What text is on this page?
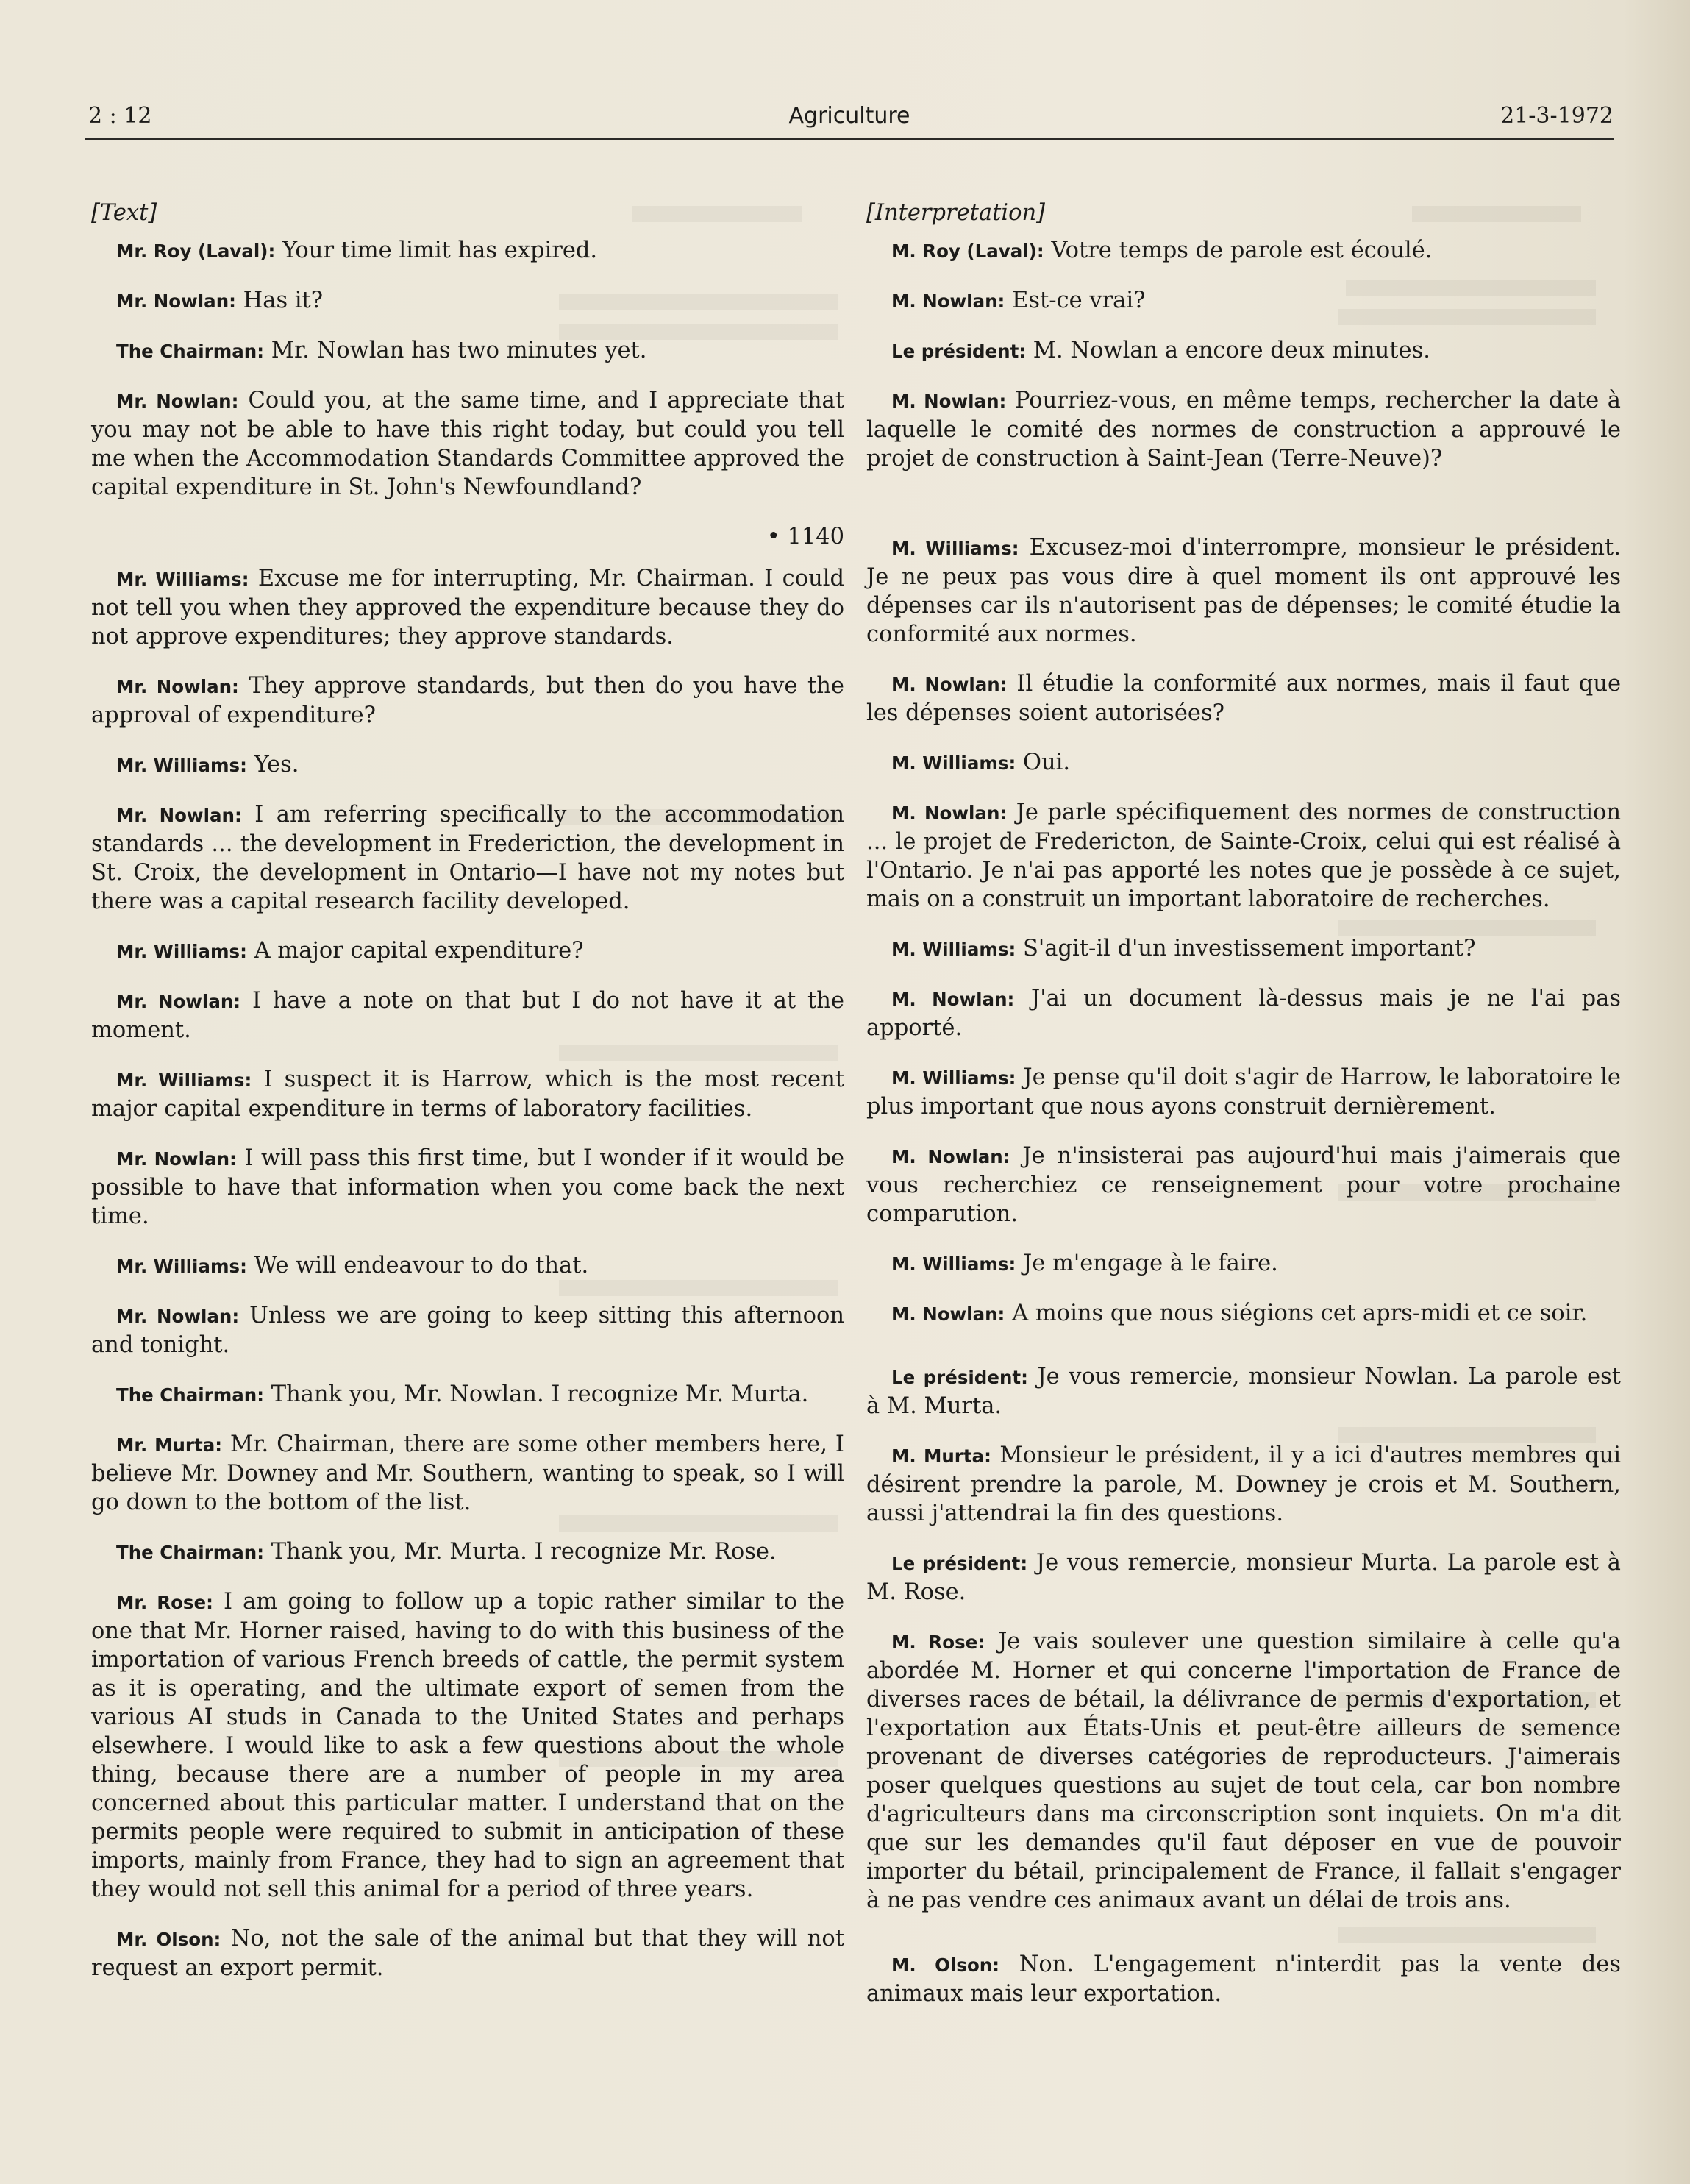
2 : 12	Agriculture	21-3-1972
[Text]

Mr. Roy (Laval): Your time limit has expired.

Mr. Nowlan: Has it?

The Chairman: Mr. Nowlan has two minutes yet.

Mr. Nowlan: Could you, at the same time, and I appreciate that you may not be able to have this right today, but could you tell me when the Accommodation Standards Committee approved the capital expenditure in St. John's Newfoundland?

• 1140

Mr. Williams: Excuse me for interrupting, Mr. Chairman. I could not tell you when they approved the expenditure because they do not approve expenditures; they approve standards.

Mr. Nowlan: They approve standards, but then do you have the approval of expenditure?

Mr. Williams: Yes.

Mr. Nowlan: I am referring specifically to the accommodation standards ... the development in Frederiction, the development in St. Croix, the development in Ontario—I have not my notes but there was a capital research facility developed.

Mr. Williams: A major capital expenditure?

Mr. Nowlan: I have a note on that but I do not have it at the moment.

Mr. Williams: I suspect it is Harrow, which is the most recent major capital expenditure in terms of laboratory facilities.

Mr. Nowlan: I will pass this first time, but I wonder if it would be possible to have that information when you come back the next time.

Mr. Williams: We will endeavour to do that.

Mr. Nowlan: Unless we are going to keep sitting this afternoon and tonight.

The Chairman: Thank you, Mr. Nowlan. I recognize Mr. Murta.

Mr. Murta: Mr. Chairman, there are some other members here, I believe Mr. Downey and Mr. Southern, wanting to speak, so I will go down to the bottom of the list.

The Chairman: Thank you, Mr. Murta. I recognize Mr. Rose.

Mr. Rose: I am going to follow up a topic rather similar to the one that Mr. Horner raised, having to do with this business of the importation of various French breeds of cattle, the permit system as it is operating, and the ultimate export of semen from the various AI studs in Canada to the United States and perhaps elsewhere. I would like to ask a few questions about the whole thing, because there are a number of people in my area concerned about this particular matter. I understand that on the permits people were required to submit in anticipation of these imports, mainly from France, they had to sign an agreement that they would not sell this animal for a period of three years.

Mr. Olson: No, not the sale of the animal but that they will not request an export permit.

[Interpretation]

M. Roy (Laval): Votre temps de parole est écoulé.

M. Nowlan: Est-ce vrai?

Le président: M. Nowlan a encore deux minutes.

M. Nowlan: Pourriez-vous, en même temps, rechercher la date à laquelle le comité des normes de construction a approuvé le projet de construction à Saint-Jean (Terre-Neuve)?

M. Williams: Excusez-moi d'interrompre, monsieur le président. Je ne peux pas vous dire à quel moment ils ont approuvé les dépenses car ils n'autorisent pas de dépenses; le comité étudie la conformité aux normes.

M. Nowlan: Il étudie la conformité aux normes, mais il faut que les dépenses soient autorisées?

M. Williams: Oui.

M. Nowlan: Je parle spécifiquement des normes de construction ... le projet de Fredericton, de Sainte-Croix, celui qui est réalisé à l'Ontario. Je n'ai pas apporté les notes que je possède à ce sujet, mais on a construit un important laboratoire de recherches.

M. Williams: S'agit-il d'un investissement important?

M. Nowlan: J'ai un document là-dessus mais je ne l'ai pas apporté.

M. Williams: Je pense qu'il doit s'agir de Harrow, le laboratoire le plus important que nous ayons construit dernièrement.

M. Nowlan: Je n'insisterai pas aujourd'hui mais j'aimerais que vous recherchiez ce renseignement pour votre prochaine comparution.

M. Williams: Je m'engage à le faire.

M. Nowlan: A moins que nous siégions cet aprs-midi et ce soir.

Le président: Je vous remercie, monsieur Nowlan. La parole est à M. Murta.

M. Murta: Monsieur le président, il y a ici d'autres membres qui désirent prendre la parole, M. Downey je crois et M. Southern, aussi j'attendrai la fin des questions.

Le président: Je vous remercie, monsieur Murta. La parole est à M. Rose.

M. Rose: Je vais soulever une question similaire à celle qu'a abordée M. Horner et qui concerne l'importation de France de diverses races de bétail, la délivrance de permis d'exportation, et l'exportation aux États-Unis et peut-être ailleurs de semence provenant de diverses catégories de reproducteurs. J'aimerais poser quelques questions au sujet de tout cela, car bon nombre d'agriculteurs dans ma circonscription sont inquiets. On m'a dit que sur les demandes qu'il faut déposer en vue de pouvoir importer du bétail, principalement de France, il fallait s'engager à ne pas vendre ces animaux avant un délai de trois ans.

M. Olson: Non. L'engagement n'interdit pas la vente des animaux mais leur exportation.
